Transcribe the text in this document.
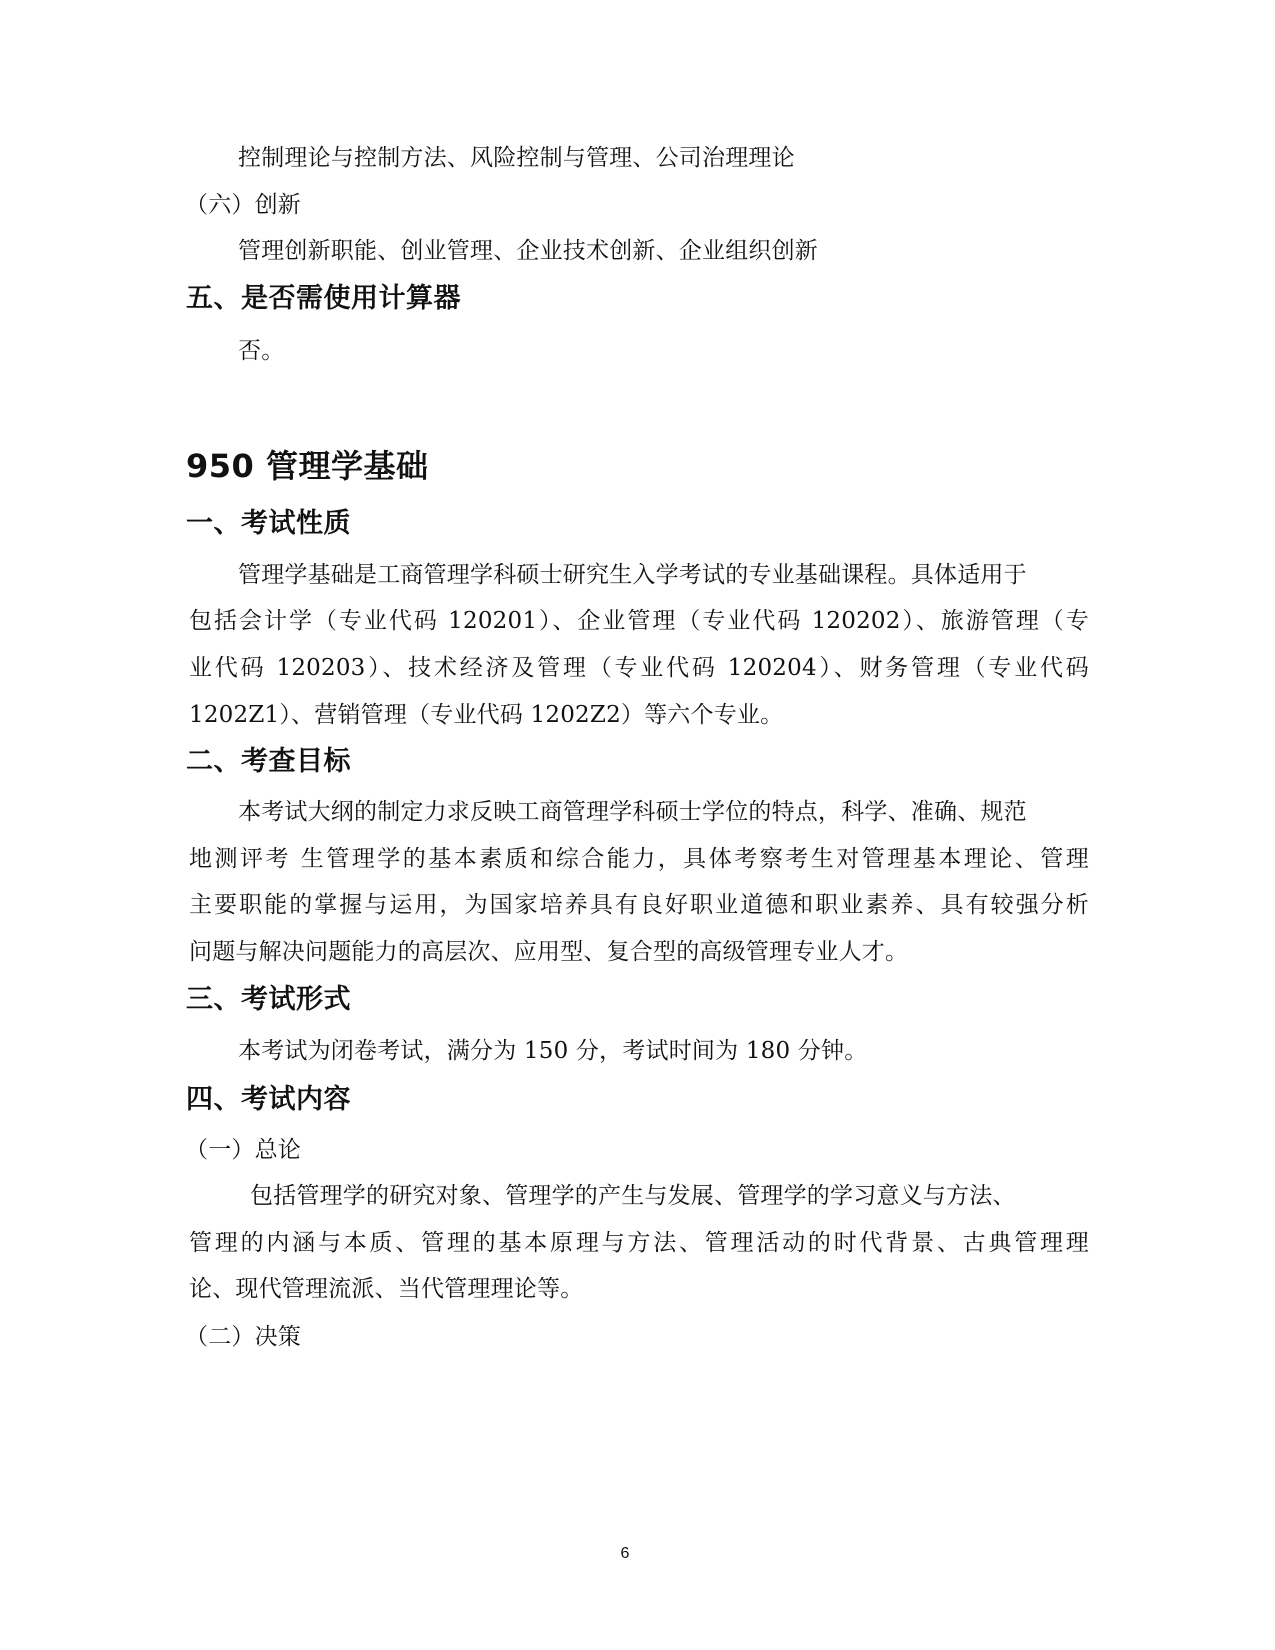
控制理论与控制方法、风险控制与管理、公司治理理论
（六）创新
管理创新职能、创业管理、企业技术创新、企业组织创新
五、是否需使用计算器
否。
950 管理学基础
一、考试性质
管理学基础是工商管理学科硕士研究生入学考试的专业基础课程。具体适用于
包括会计学（专业代码 120201）、企业管理（专业代码 120202）、旅游管理（专
业代码 120203）、技术经济及管理（专业代码 120204）、财务管理（专业代码
1202Z1）、营销管理（专业代码 1202Z2）等六个专业。
二、考查目标
本考试大纲的制定力求反映工商管理学科硕士学位的特点，科学、准确、规范
地测评考 生管理学的基本素质和综合能力，具体考察考生对管理基本理论、管理
主要职能的掌握与运用，为国家培养具有良好职业道德和职业素养、具有较强分析
问题与解决问题能力的高层次、应用型、复合型的高级管理专业人才。
三、考试形式
本考试为闭卷考试，满分为 150 分，考试时间为 180 分钟。
四、考试内容
（一）总论
包括管理学的研究对象、管理学的产生与发展、管理学的学习意义与方法、
管理的内涵与本质、管理的基本原理与方法、管理活动的时代背景、古典管理理
论、现代管理流派、当代管理理论等。
（二）决策
6
